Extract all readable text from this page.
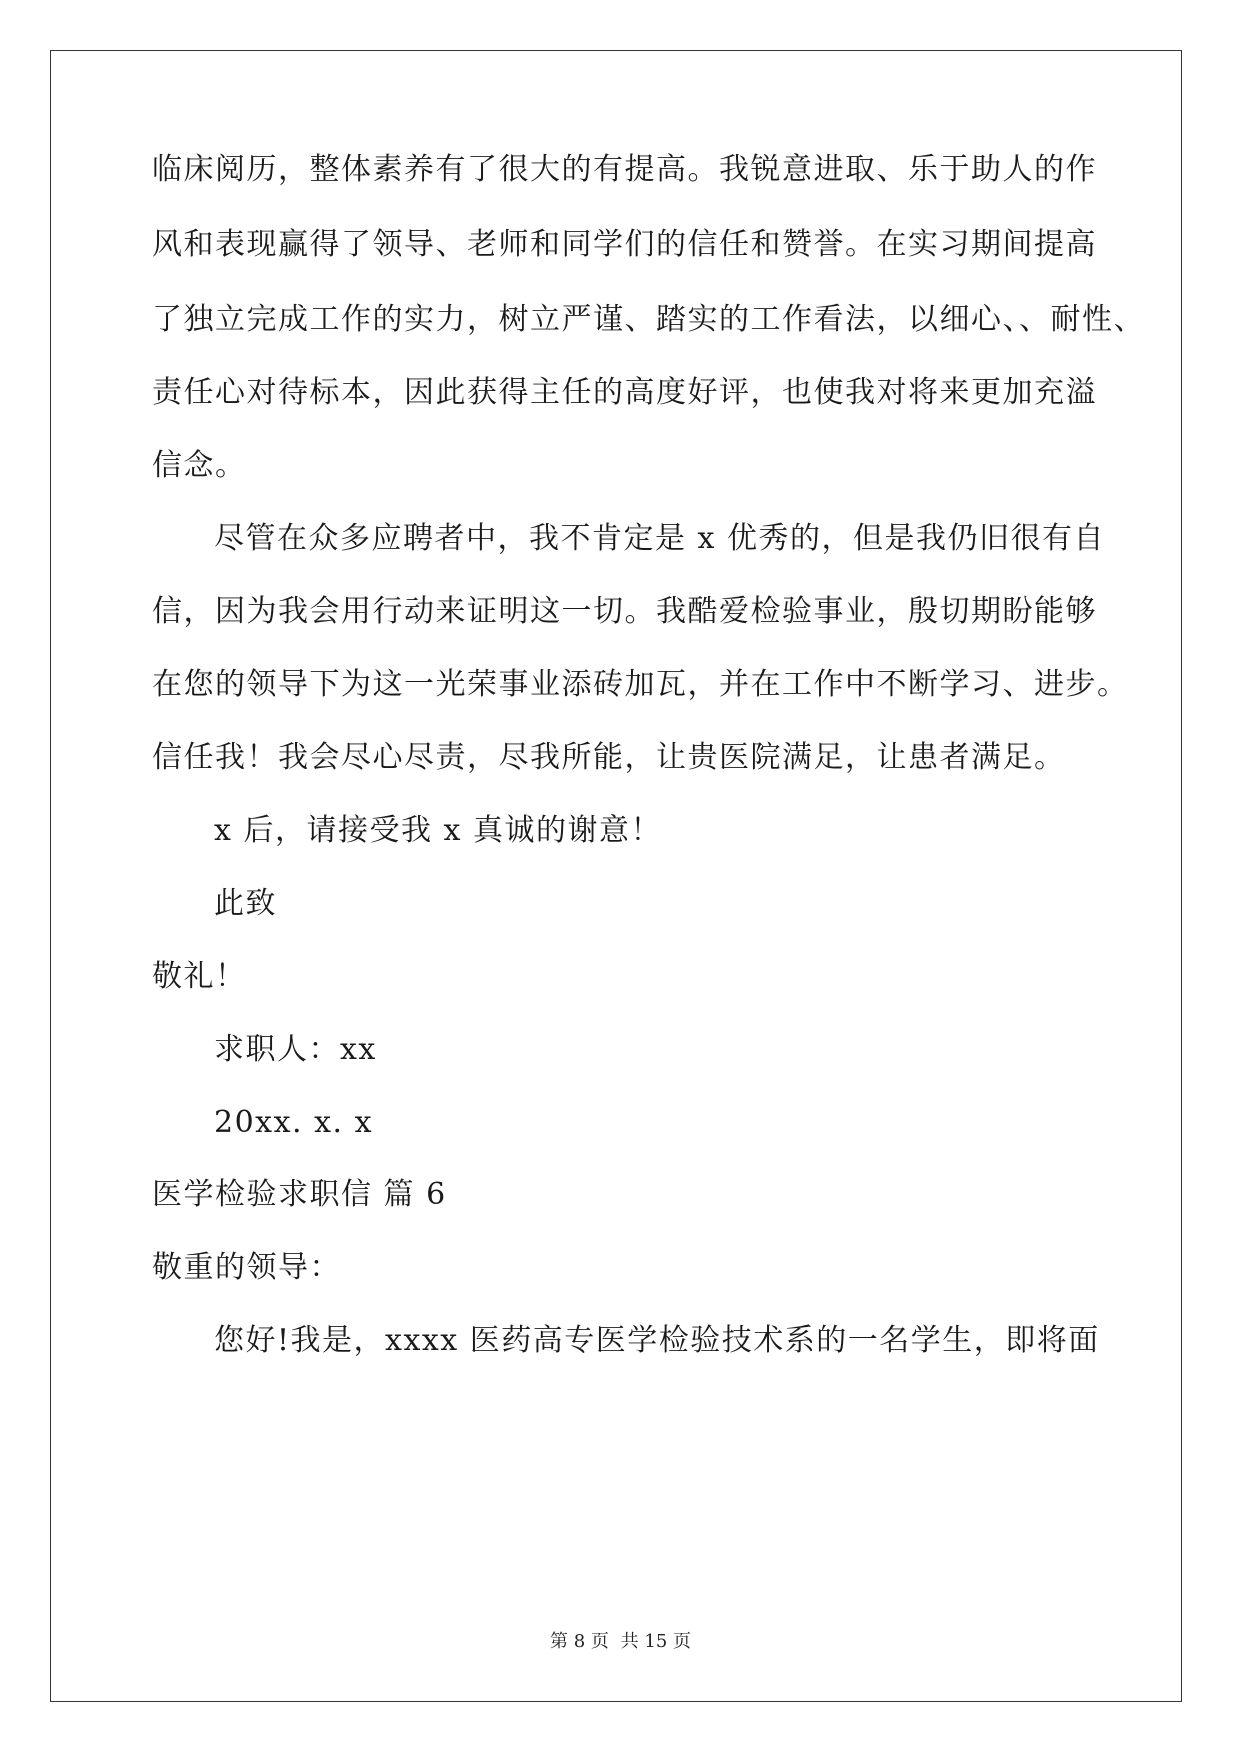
临床阅历，整体素养有了很大的有提高。我锐意进取、乐于助人的作
风和表现赢得了领导、老师和同学们的信任和赞誉。在实习期间提高
了独立完成工作的实力，树立严谨、踏实的工作看法，以细心、、耐性、
责任心对待标本，因此获得主任的高度好评，也使我对将来更加充溢
信念。
尽管在众多应聘者中，我不肯定是 x 优秀的，但是我仍旧很有自
信，因为我会用行动来证明这一切。我酷爱检验事业，殷切期盼能够
在您的领导下为这一光荣事业添砖加瓦，并在工作中不断学习、进步。
信任我！我会尽心尽责，尽我所能，让贵医院满足，让患者满足。
x 后，请接受我 x 真诚的谢意！
此致
敬礼！
求职人：xx
20xx. x. x
医学检验求职信 篇 6
敬重的领导：
您好!我是，xxxx 医药高专医学检验技术系的一名学生，即将面
第 8 页 共 15 页
